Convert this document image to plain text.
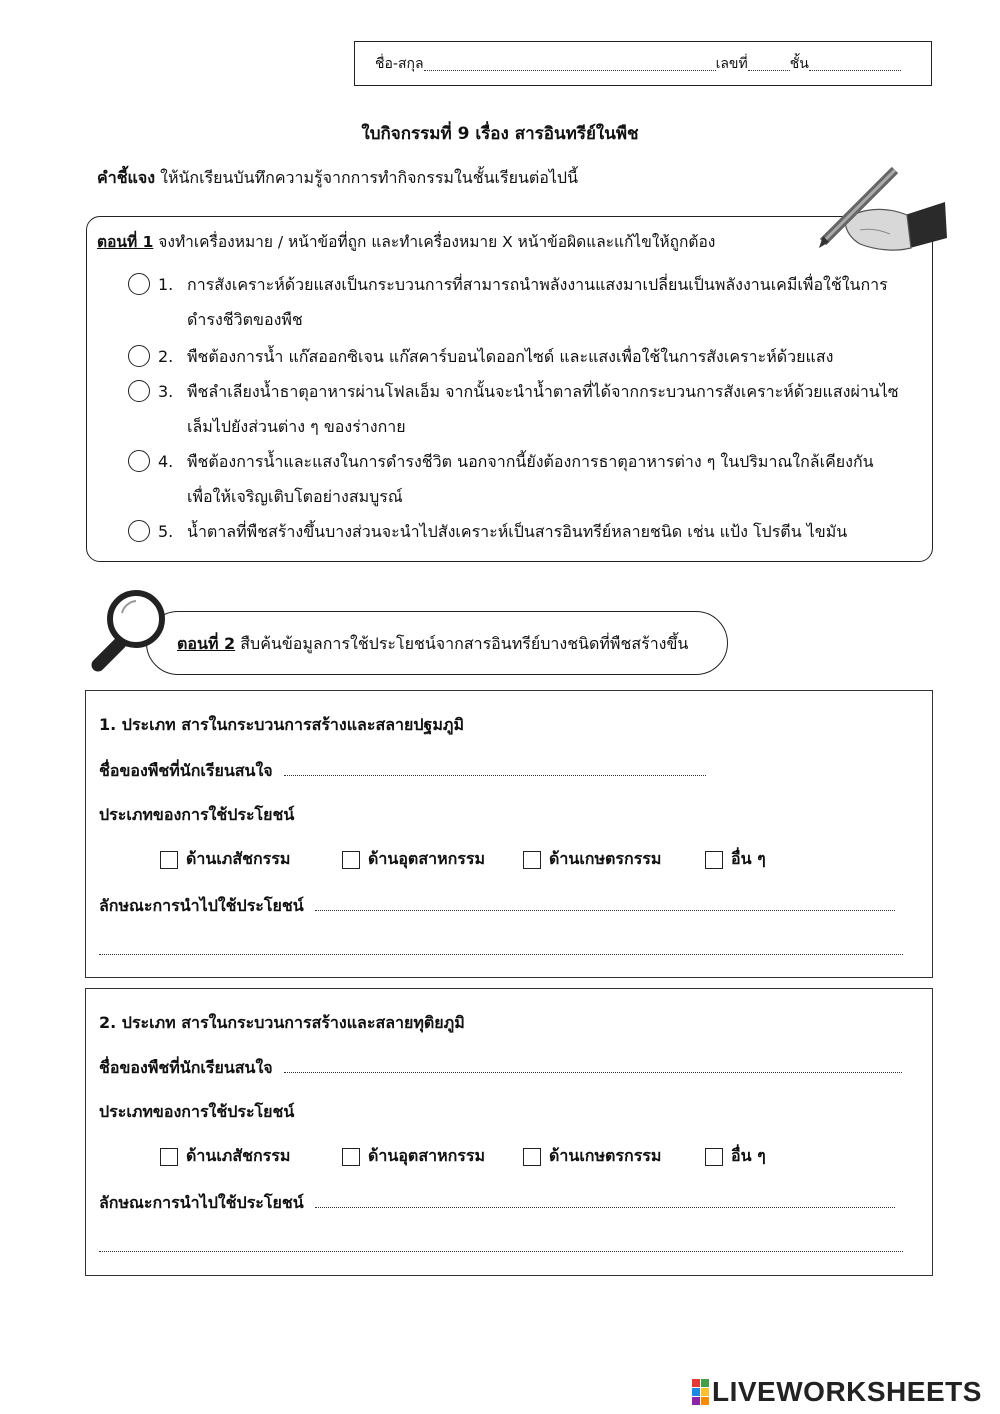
ชื่อ-สกุล	เลขที่	ชั้น
ใบกิจกรรมที่ 9 เรื่อง สารอินทรีย์ในพืช
คำชี้แจง ให้นักเรียนบันทึกความรู้จากการทำกิจกรรมในชั้นเรียนต่อไปนี้
ตอนที่ 1 จงทำเครื่องหมาย / หน้าข้อที่ถูก และทำเครื่องหมาย X หน้าข้อผิดและแก้ไขให้ถูกต้อง
1. การสังเคราะห์ด้วยแสงเป็นกระบวนการที่สามารถนำพลังงานแสงมาเปลี่ยนเป็นพลังงานเคมีเพื่อใช้ในการ
ดำรงชีวิตของพืช
2. พืชต้องการน้ำ แก๊สออกซิเจน แก๊สคาร์บอนไดออกไซด์ และแสงเพื่อใช้ในการสังเคราะห์ด้วยแสง
3. พืชลำเลียงน้ำธาตุอาหารผ่านโฟลเอ็ม จากนั้นจะนำน้ำตาลที่ได้จากกระบวนการสังเคราะห์ด้วยแสงผ่านไซ
เล็มไปยังส่วนต่าง ๆ ของร่างกาย
4. พืชต้องการน้ำและแสงในการดำรงชีวิต นอกจากนี้ยังต้องการธาตุอาหารต่าง ๆ ในปริมาณใกล้เคียงกัน
เพื่อให้เจริญเติบโตอย่างสมบูรณ์
5. น้ำตาลที่พืชสร้างขึ้นบางส่วนจะนำไปสังเคราะห์เป็นสารอินทรีย์หลายชนิด เช่น แป้ง โปรตีน ไขมัน
ตอนที่ 2 สืบค้นข้อมูลการใช้ประโยชน์จากสารอินทรีย์บางชนิดที่พืชสร้างขึ้น
1. ประเภท สารในกระบวนการสร้างและสลายปฐมภูมิ
ชื่อของพืชที่นักเรียนสนใจ
ประเภทของการใช้ประโยชน์
ด้านเภสัชกรรม	ด้านอุตสาหกรรม	ด้านเกษตรกรรม	อื่น ๆ
ลักษณะการนำไปใช้ประโยชน์
2. ประเภท สารในกระบวนการสร้างและสลายทุติยภูมิ
ชื่อของพืชที่นักเรียนสนใจ
ประเภทของการใช้ประโยชน์
ด้านเภสัชกรรม	ด้านอุตสาหกรรม	ด้านเกษตรกรรม	อื่น ๆ
ลักษณะการนำไปใช้ประโยชน์
LIVEWORKSHEETS
